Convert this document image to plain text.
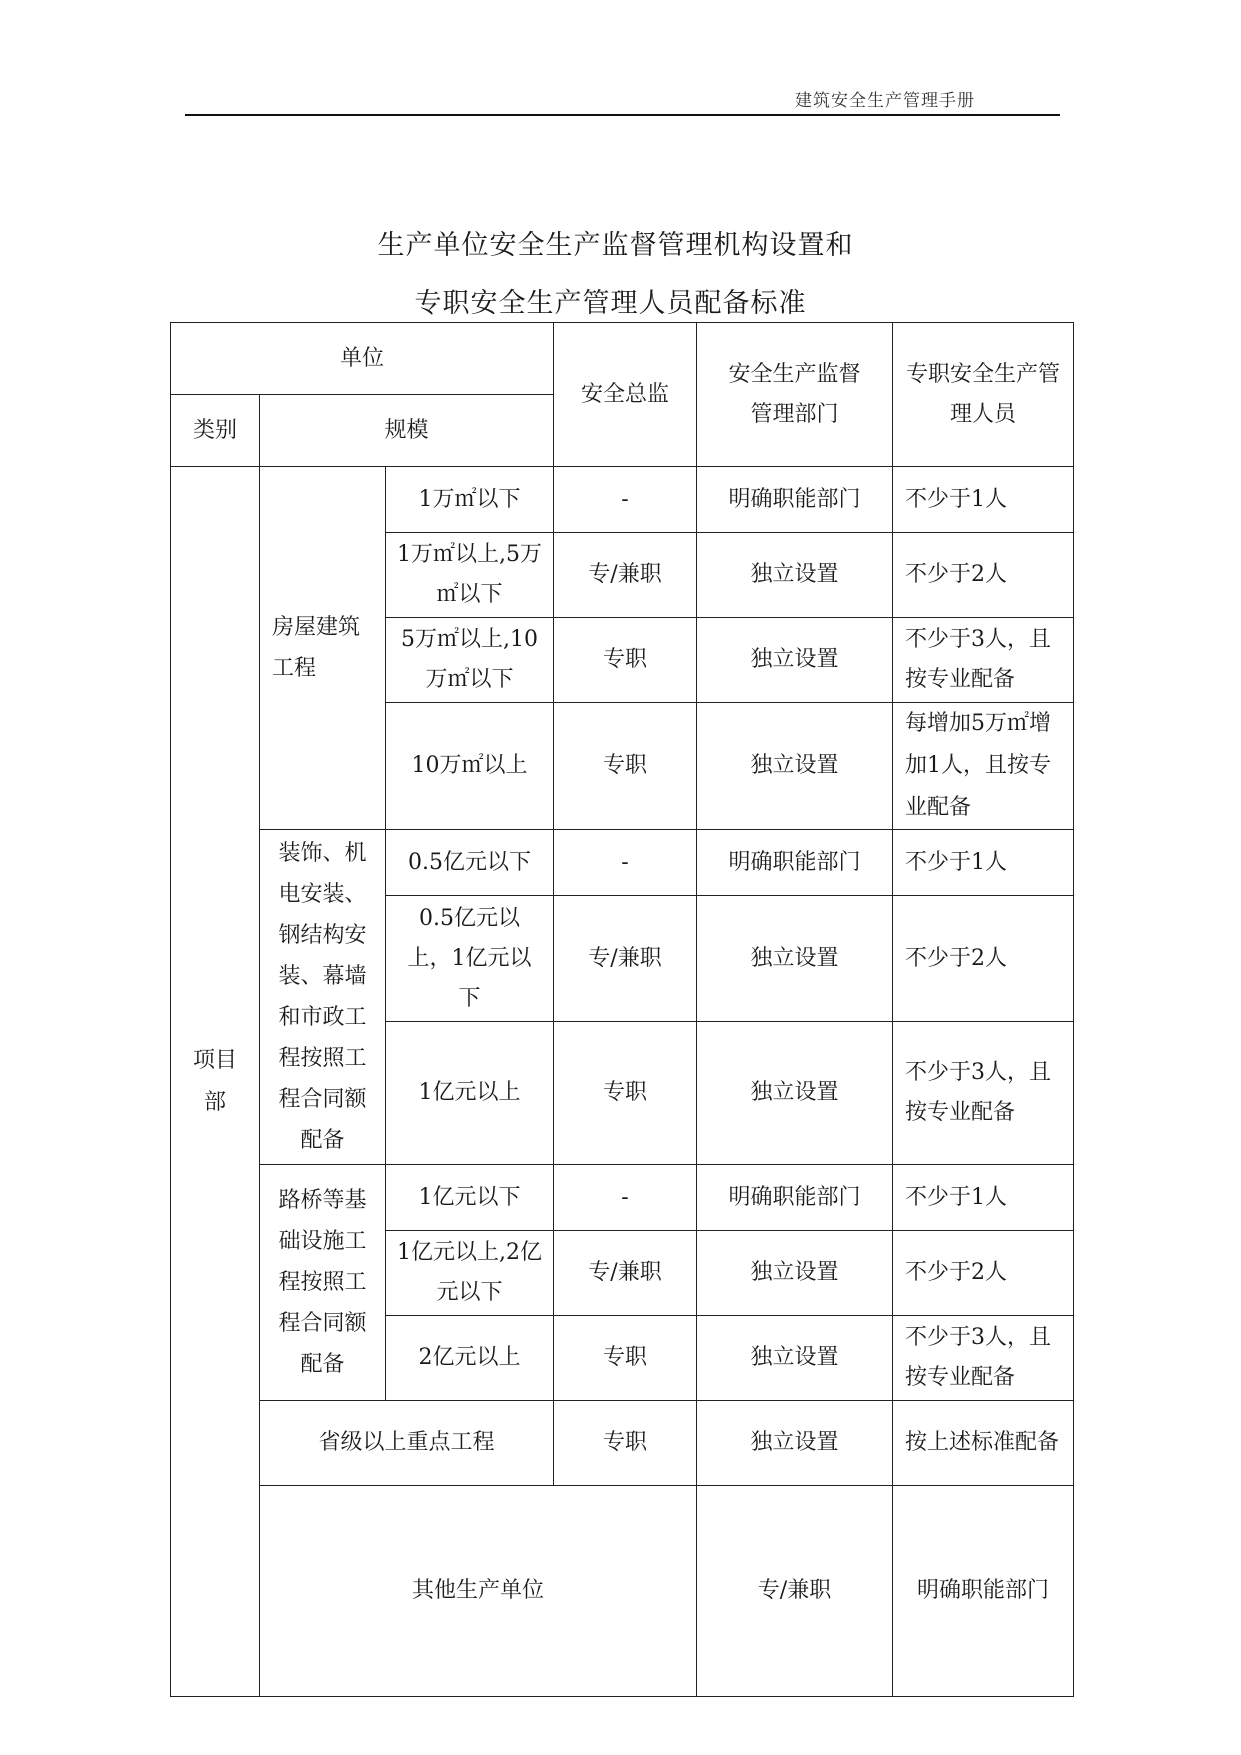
建筑安全生产管理手册
生产单位安全生产监督管理机构设置和
专职安全生产管理人员配备标准
单位			安全总监	安全生产监督管理部门	专职安全生产管理人员	
类别	规模					
项目部	房屋建筑工程	1万㎡以下	-	明确职能部门	不少于1人	
		1万㎡以上,5万㎡以下	专/兼职	独立设置	不少于2人	
		5万㎡以上,10万㎡以下	专职	独立设置	不少于3人，且按专业配备	
		10万㎡以上	专职	独立设置	每增加5万㎡增加1人，且按专业配备	
	装饰、机电安装、钢结构安装、幕墙和市政工程按照工程合同额配备	0.5亿元以下	-	明确职能部门	不少于1人	
		0.5亿元以上，1亿元以下	专/兼职	独立设置	不少于2人	
		1亿元以上	专职	独立设置	不少于3人，且按专业配备	
	路桥等基础设施工程按照工程合同额配备	1亿元以下	-	明确职能部门	不少于1人	
		1亿元以上,2亿元以下	专/兼职	独立设置	不少于2人	
		2亿元以上	专职	独立设置	不少于3人，且按专业配备	
	省级以上重点工程		专职	独立设置	按上述标准配备	
	其他生产单位			专/兼职	明确职能部门	
